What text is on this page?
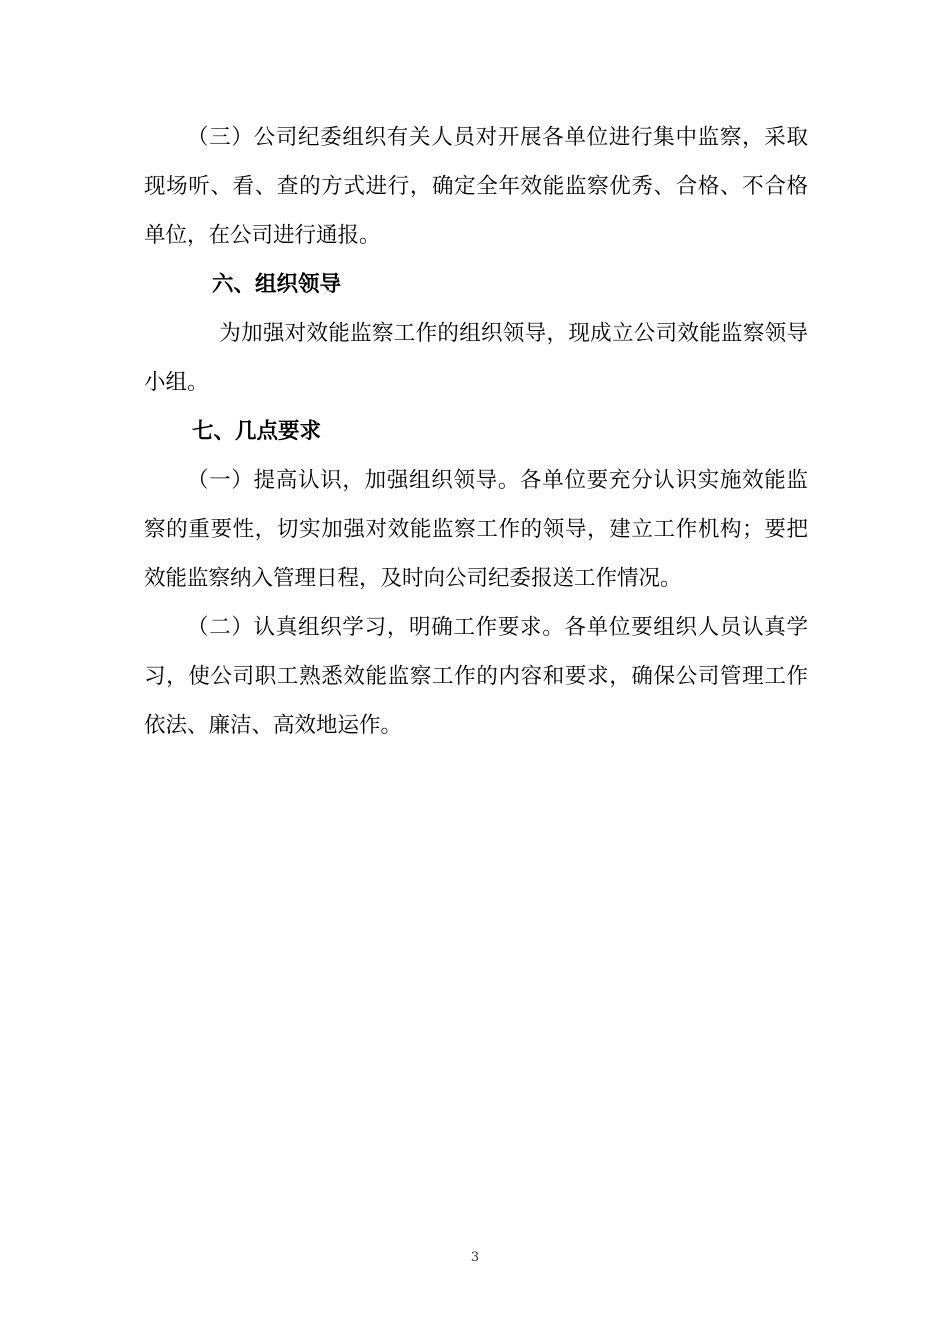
（三）公司纪委组织有关人员对开展各单位进行集中监察，采取现场听、看、查的方式进行，确定全年效能监察优秀、合格、不合格单位，在公司进行通报。

六、组织领导

为加强对效能监察工作的组织领导，现成立公司效能监察领导小组。

七、几点要求

（一）提高认识，加强组织领导。各单位要充分认识实施效能监察的重要性，切实加强对效能监察工作的领导，建立工作机构；要把效能监察纳入管理日程，及时向公司纪委报送工作情况。

（二）认真组织学习，明确工作要求。各单位要组织人员认真学习，使公司职工熟悉效能监察工作的内容和要求，确保公司管理工作依法、廉洁、高效地运作。

3
